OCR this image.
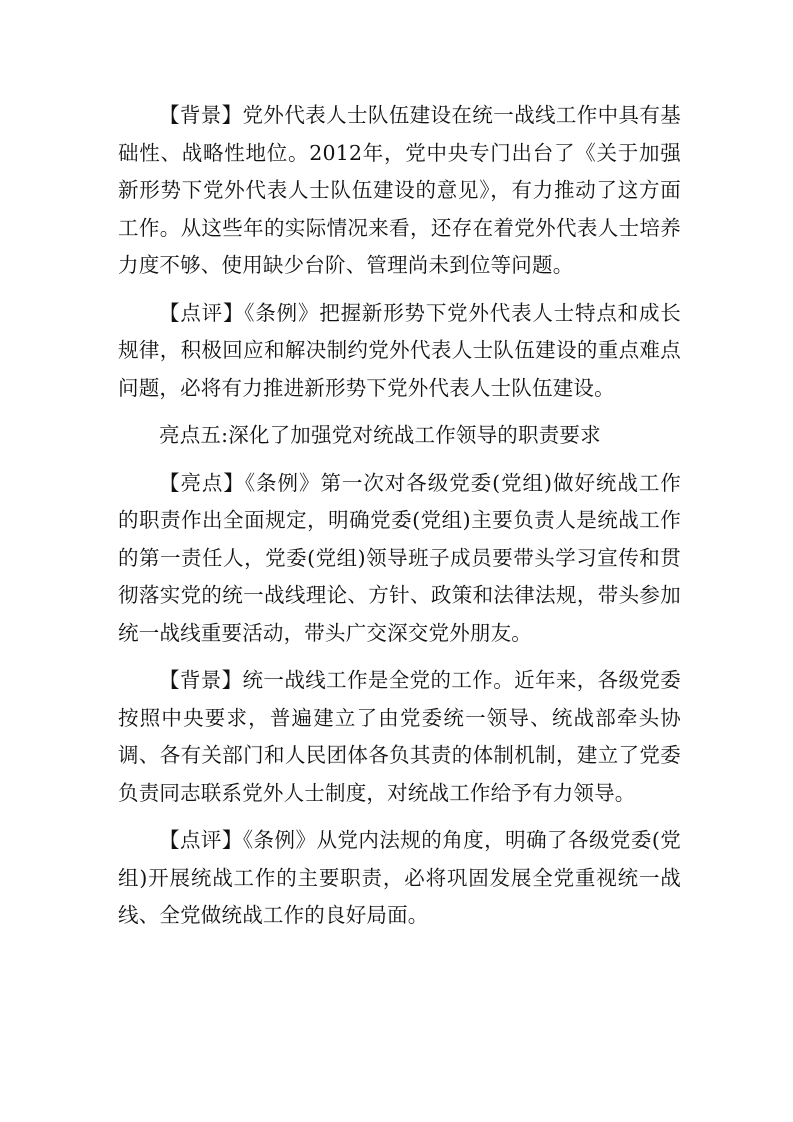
【背景】党外代表人士队伍建设在统一战线工作中具有基础性、战略性地位。2012年，党中央专门出台了《关于加强新形势下党外代表人士队伍建设的意见》，有力推动了这方面工作。从这些年的实际情况来看，还存在着党外代表人士培养力度不够、使用缺少台阶、管理尚未到位等问题。

【点评】《条例》把握新形势下党外代表人士特点和成长规律，积极回应和解决制约党外代表人士队伍建设的重点难点问题，必将有力推进新形势下党外代表人士队伍建设。

亮点五:深化了加强党对统战工作领导的职责要求

【亮点】《条例》第一次对各级党委(党组)做好统战工作的职责作出全面规定，明确党委(党组)主要负责人是统战工作的第一责任人，党委(党组)领导班子成员要带头学习宣传和贯彻落实党的统一战线理论、方针、政策和法律法规，带头参加统一战线重要活动，带头广交深交党外朋友。

【背景】统一战线工作是全党的工作。近年来，各级党委按照中央要求，普遍建立了由党委统一领导、统战部牵头协调、各有关部门和人民团体各负其责的体制机制，建立了党委负责同志联系党外人士制度，对统战工作给予有力领导。

【点评】《条例》从党内法规的角度，明确了各级党委(党组)开展统战工作的主要职责，必将巩固发展全党重视统一战线、全党做统战工作的良好局面。
